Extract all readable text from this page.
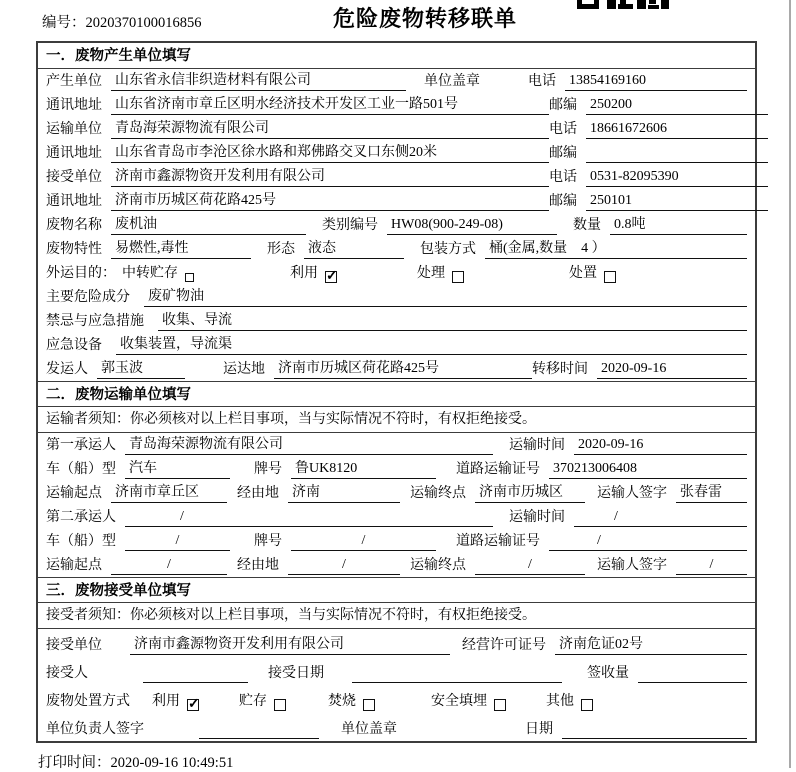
编号：2020370100016856	危险废物转移联单
一．废物产生单位填写
产生单位 山东省永信非织造材料有限公司	单位盖章	电话 13854169160
通讯地址 山东省济南市章丘区明水经济技术开发区工业一路501号	邮编 250200
运输单位 青岛海荣源物流有限公司	电话 18661672606
通讯地址 山东省青岛市李沧区徐水路和郑佛路交叉口东侧20米	邮编
接受单位 济南市鑫源物资开发利用有限公司	电话 0531-82095390
通讯地址 济南市历城区荷花路425号	邮编 250101
废物名称 废机油	类别编号 HW08(900-249-08)	数量 0.8吨
废物特性 易燃性,毒性	形态 液态	包装方式 桶(金属,数量　4 ）
外运目的： 中转贮存	利用 ✓	处理	处置
主要危险成分 废矿物油
禁忌与应急措施 收集、导流
应急设备 收集装置，导流渠
发运人 郭玉波	运达地 济南市历城区荷花路425号	转移时间 2020-09-16
二．废物运输单位填写
运输者须知：你必须核对以上栏目事项，当与实际情况不符时，有权拒绝接受。
第一承运人 青岛海荣源物流有限公司	运输时间 2020-09-16
车（船）型 汽车	牌号 鲁UK8120	道路运输证号 370213006408
运输起点 济南市章丘区	经由地 济南	运输终点 济南市历城区	运输人签字 张春雷
第二承运人	/	运输时间	/
车（船）型	/	牌号	/	道路运输证号	/
运输起点	/	经由地	/	运输终点	/	运输人签字	/
三．废物接受单位填写
接受者须知：你必须核对以上栏目事项，当与实际情况不符时，有权拒绝接受。
接受单位 济南市鑫源物资开发利用有限公司	经营许可证号 济南危证02号
接受人	接受日期	签收量
废物处置方式 利用 ✓	贮存	焚烧	安全填埋	其他
单位负责人签字	单位盖章	日期
打印时间：2020-09-16 10:49:51
